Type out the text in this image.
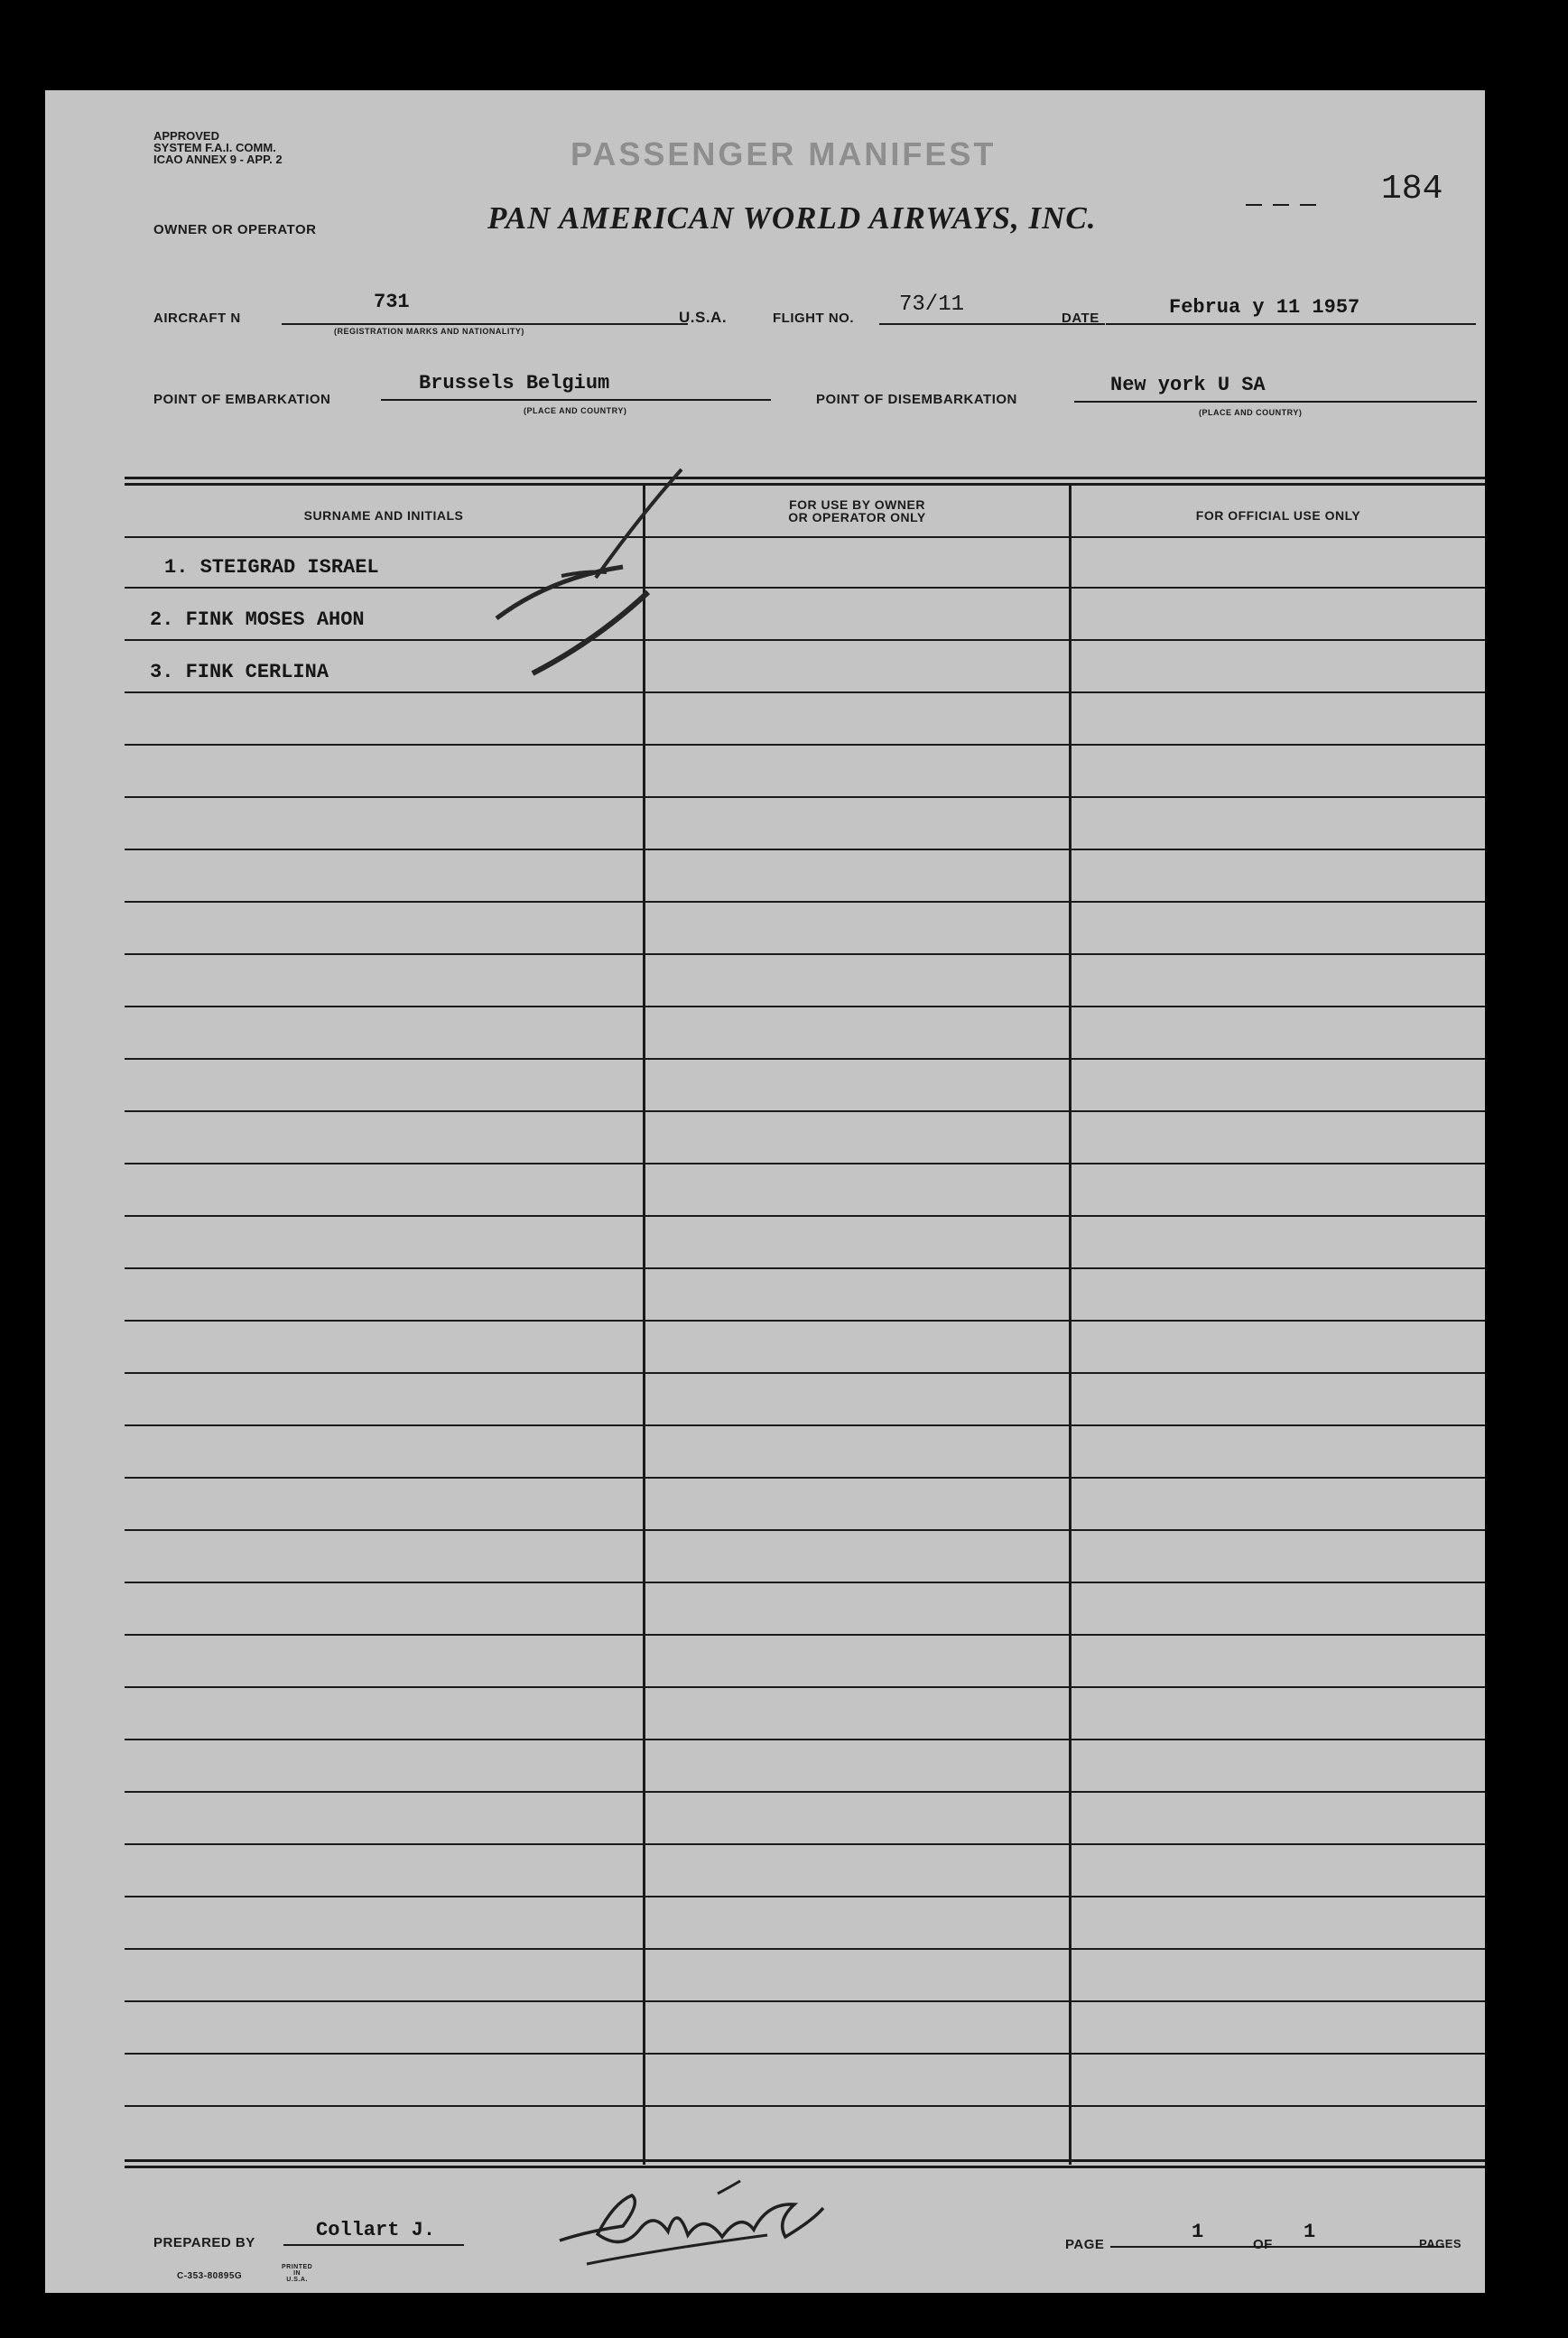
APPROVED
SYSTEM F.A.I. COMM.
ICAO ANNEX 9 - APP. 2	PASSENGER MANIFEST
184
OWNER OR OPERATOR	PAN AMERICAN WORLD AIRWAYS, INC.
AIRCRAFT N
731
(REGISTRATION MARKS AND NATIONALITY)
U.S.A.	FLIGHT NO.
73/11
DATE	Februa y 11 1957
POINT OF EMBARKATION
Brussels Belgium
(PLACE AND COUNTRY)
POINT OF DISEMBARKATION
New york U SA
(PLACE AND COUNTRY)
SURNAME AND INITIALS
FOR USE BY OWNER
OR OPERATOR ONLY	FOR OFFICIAL USE ONLY
1. STEIGRAD ISRAEL
2. FINK MOSES AHON
3. FINK CERLINA
PREPARED BY
Collart J.
PAGE
1
OF
1
PAGES
C-353-80895G
PRINTED
IN
U.S.A.
